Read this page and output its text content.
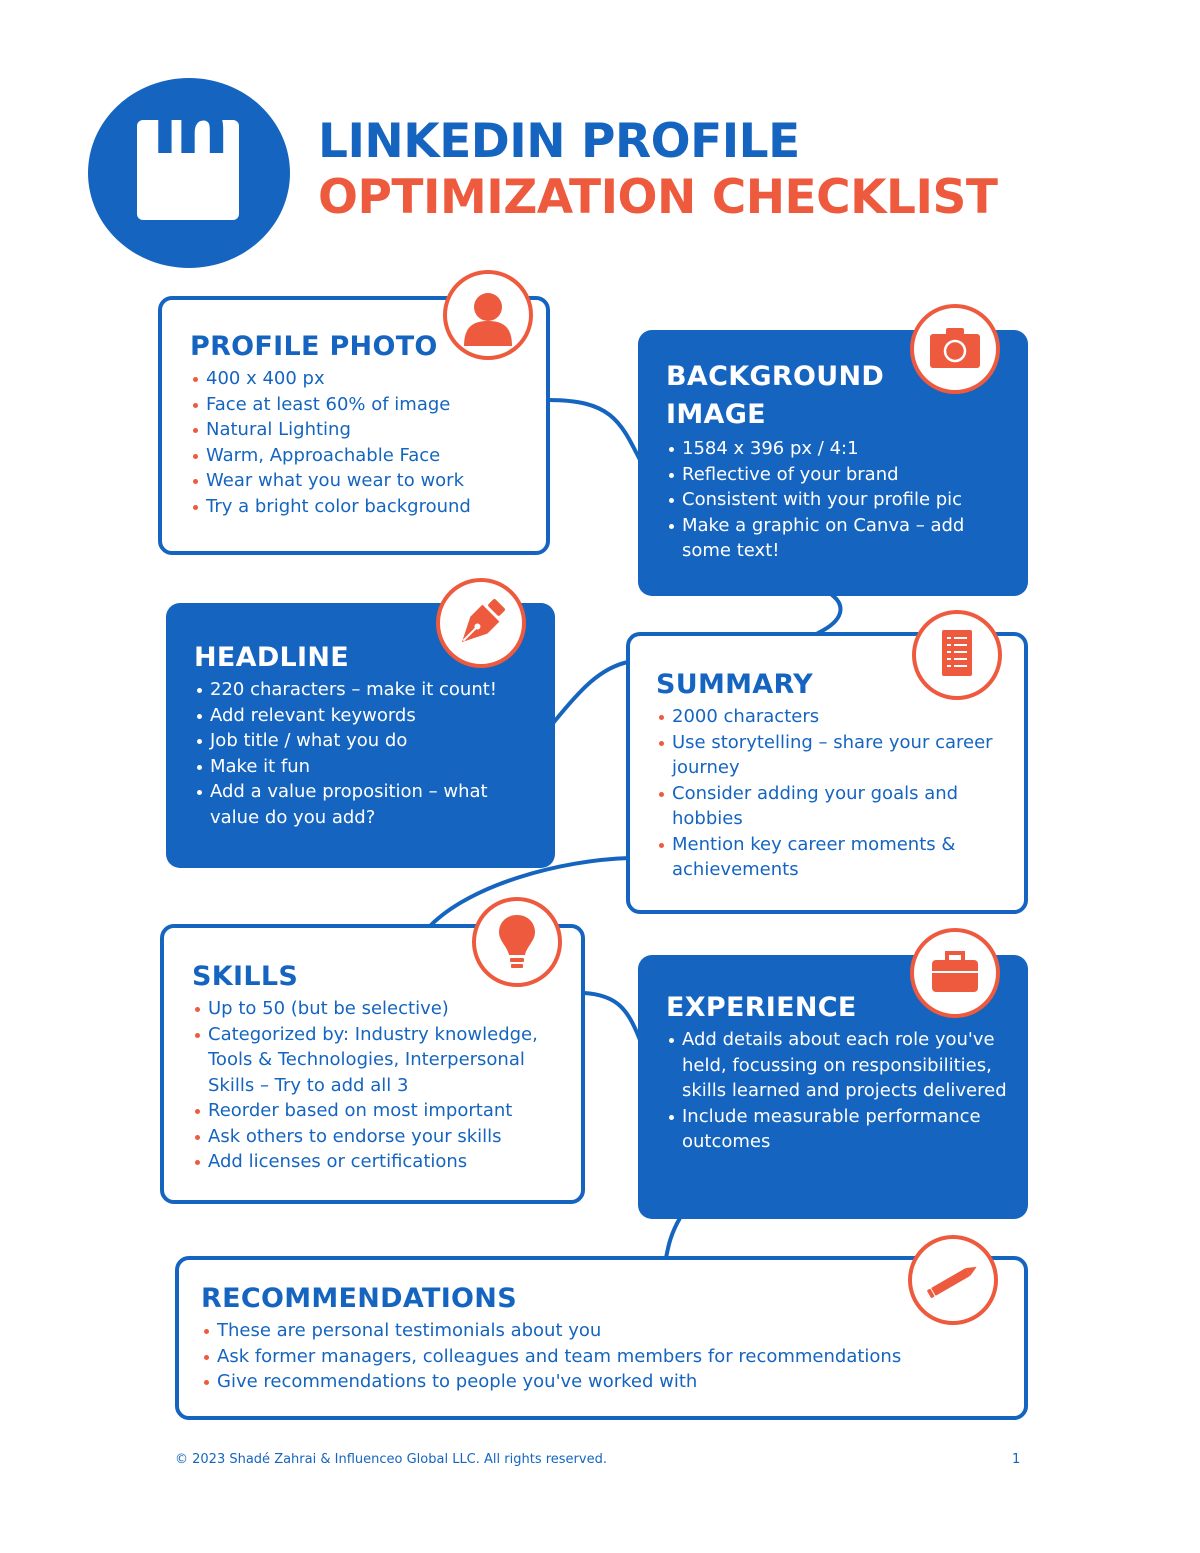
in	LINKEDIN PROFILE
OPTIMIZATION CHECKLIST
PROFILE PHOTO
400 x 400 px
Face at least 60% of image
Natural Lighting
Warm, Approachable Face
Wear what you wear to work
Try a bright color background
BACKGROUND
IMAGE
1584 x 396 px / 4:1
Reflective of your brand
Consistent with your profile pic
Make a graphic on Canva – add some text!
HEADLINE
220 characters – make it count!
Add relevant keywords
Job title / what you do
Make it fun
Add a value proposition – what value do you add?
SUMMARY
2000 characters
Use storytelling – share your career journey
Consider adding your goals and hobbies
Mention key career moments & achievements
SKILLS
Up to 50 (but be selective)
Categorized by: Industry knowledge, Tools & Technologies, Interpersonal Skills – Try to add all 3
Reorder based on most important
Ask others to endorse your skills
Add licenses or certifications
EXPERIENCE
Add details about each role you've held, focussing on responsibilities, skills learned and projects delivered
Include measurable performance outcomes
RECOMMENDATIONS
These are personal testimonials about you
Ask former managers, colleagues and team members for recommendations
Give recommendations to people you've worked with
© 2023 Shadé Zahrai & Influenceo Global LLC. All rights reserved.	1
